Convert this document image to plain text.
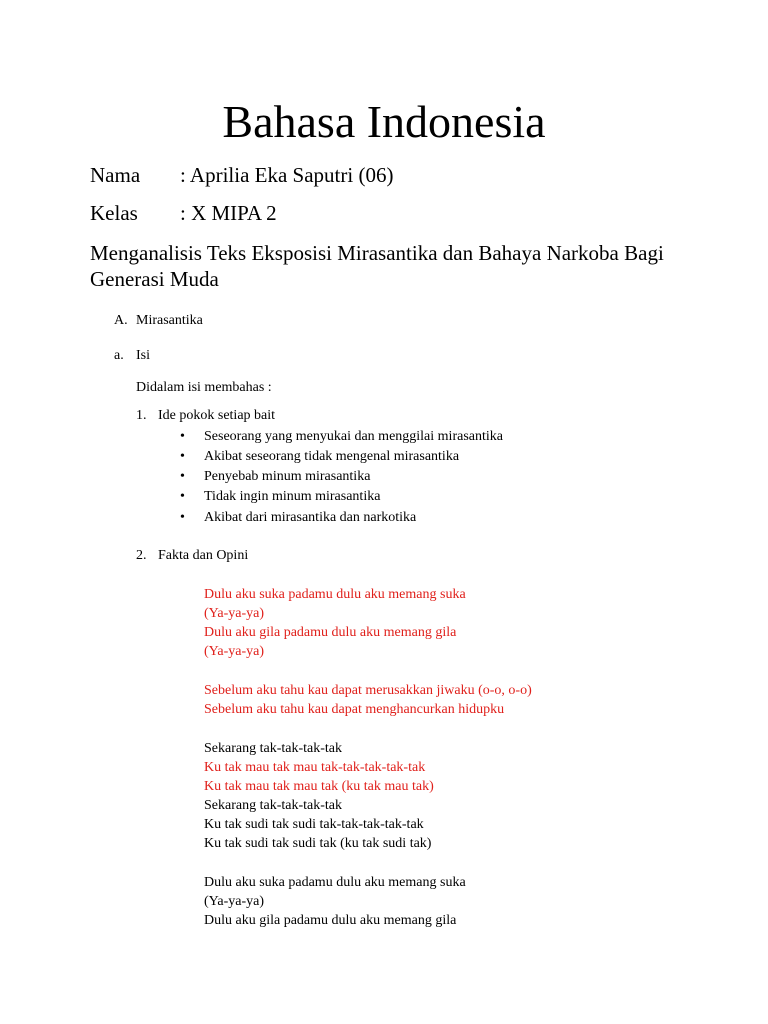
Bahasa Indonesia
Nama : Aprilia Eka Saputri (06)
Kelas : X MIPA 2
Menganalisis Teks Eksposisi Mirasantika dan Bahaya Narkoba Bagi Generasi Muda
A. Mirasantika
a. Isi
Didalam isi membahas :
1. Ide pokok setiap bait
• Seseorang yang menyukai dan menggilai mirasantika
• Akibat seseorang tidak mengenal mirasantika
• Penyebab minum mirasantika
• Tidak ingin minum mirasantika
• Akibat dari mirasantika dan narkotika
2. Fakta dan Opini
Dulu aku suka padamu dulu aku memang suka
(Ya-ya-ya)
Dulu aku gila padamu dulu aku memang gila
(Ya-ya-ya)
Sebelum aku tahu kau dapat merusakkan jiwaku (o-o, o-o)
Sebelum aku tahu kau dapat menghancurkan hidupku
Sekarang tak-tak-tak-tak
Ku tak mau tak mau tak-tak-tak-tak-tak
Ku tak mau tak mau tak (ku tak mau tak)
Sekarang tak-tak-tak-tak
Ku tak sudi tak sudi tak-tak-tak-tak-tak
Ku tak sudi tak sudi tak (ku tak sudi tak)
Dulu aku suka padamu dulu aku memang suka
(Ya-ya-ya)
Dulu aku gila padamu dulu aku memang gila
